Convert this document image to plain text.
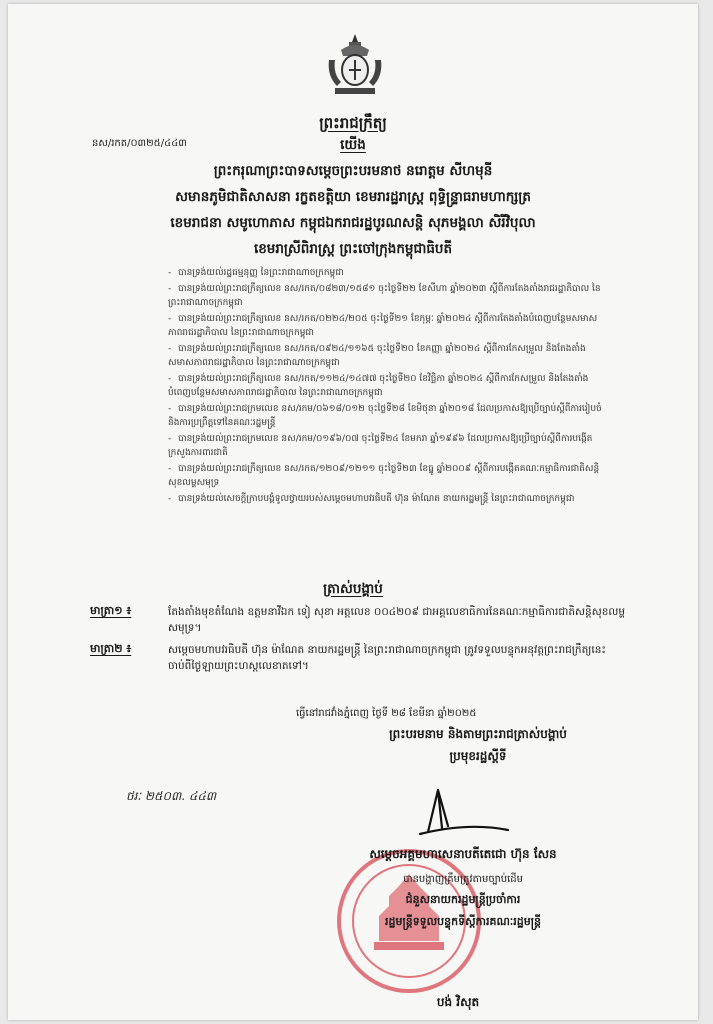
ព្រះរាជក្រឹត្យ
នស/រកត/០៣២៥/៤៤៣	យើង
ព្រះករុណាព្រះបាទសម្តេចព្រះបរមនាថ នរោត្តម សីហមុនី
សមានភូមិជាតិសាសនា រក្ខតខត្តិយា ខេមរារដ្ឋរាស្ត្រ ពុទ្ធិន្ទ្រាធរាមហាក្សត្រ
ខេមរាជនា សមូហោភាស កម្ពុជឯករាជរដ្ឋបូរណសន្តិ សុភមង្គលា សិរីវិបុលា
ខេមរាស្រីពិរាស្ត្រ ព្រះចៅក្រុងកម្ពុជាធិបតី
- បានទ្រង់យល់រដ្ឋធម្មនុញ្ញ នៃព្រះរាជាណាចក្រកម្ពុជា
- បានទ្រង់យល់ព្រះរាជក្រឹត្យលេខ នស/រកត/០៨២៣/១៥៨១ ចុះថ្ងៃទី២២ ខែសីហា ឆ្នាំ២០២៣ ស្តីពីការតែងតាំងរាជរដ្ឋាភិបាល នៃព្រះរាជាណាចក្រកម្ពុជា
- បានទ្រង់យល់ព្រះរាជក្រឹត្យលេខ នស/រកត/០២២៤/២០៥ ចុះថ្ងៃទី២១ ខែកុម្ភៈ ឆ្នាំ២០២៤ ស្តីពីការតែងតាំងបំពេញបន្ថែមសមាសភាពរាជរដ្ឋាភិបាល នៃព្រះរាជាណាចក្រកម្ពុជា
- បានទ្រង់យល់ព្រះរាជក្រឹត្យលេខ នស/រកត/០៩២៤/១១៦៥ ចុះថ្ងៃទី២០ ខែកញ្ញា ឆ្នាំ២០២៤ ស្តីពីការកែសម្រួល និងតែងតាំងសមាសភាពរាជរដ្ឋាភិបាល នៃព្រះរាជាណាចក្រកម្ពុជា
- បានទ្រង់យល់ព្រះរាជក្រឹត្យលេខ នស/រកត/១១២៤/១៤៧៧ ចុះថ្ងៃទី២០ ខែវិច្ឆិកា ឆ្នាំ២០២៤ ស្តីពីការកែសម្រួល និងតែងតាំងបំពេញបន្ថែមសមាសភាពរាជរដ្ឋាភិបាល នៃព្រះរាជាណាចក្រកម្ពុជា
- បានទ្រង់យល់ព្រះរាជក្រមលេខ នស/រកម/០៦១៨/០១២ ចុះថ្ងៃទី២៨ ខែមិថុនា ឆ្នាំ២០១៨ ដែលប្រកាសឱ្យប្រើច្បាប់ស្តីពីការរៀបចំ និងការប្រព្រឹត្តទៅនៃគណៈរដ្ឋមន្ត្រី
- បានទ្រង់យល់ព្រះរាជក្រមលេខ នស/រកម/០១៩៦/០៧ ចុះថ្ងៃទី២៤ ខែមករា ឆ្នាំ១៩៩៦ ដែលប្រកាសឱ្យប្រើច្បាប់ស្តីពីការបង្កើតក្រសួងការពារជាតិ
- បានទ្រង់យល់ព្រះរាជក្រឹត្យលេខ នស/រកត/១២០៩/១២១១ ចុះថ្ងៃទី២៣ ខែធ្នូ ឆ្នាំ២០០៩ ស្តីពីការបង្កើតគណៈកម្មាធិការជាតិសន្តិសុខលម្ហសមុទ្រ
- បានទ្រង់យល់សេចក្តីក្រាបបង្គំទូលថ្វាយរបស់សម្តេចមហាបវរធិបតី ហ៊ុន ម៉ាណែត នាយករដ្ឋមន្ត្រី នៃព្រះរាជាណាចក្រកម្ពុជា
ត្រាស់បង្គាប់
មាត្រា១ ៖	តែងតាំងមុខតំណែង ឧត្តមនាវីឯក ទៀ សុខា អត្តលេខ ០០៤២០៩ ជាអគ្គលេខាធិការនៃគណៈកម្មាធិការជាតិសន្តិសុខលម្ហសមុទ្រ។
មាត្រា២ ៖	សម្តេចមហាបវរធិបតី ហ៊ុន ម៉ាណែត នាយករដ្ឋមន្ត្រី នៃព្រះរាជាណាចក្រកម្ពុជា ត្រូវទទួលបន្ទុកអនុវត្តព្រះរាជក្រឹត្យនេះ ចាប់ពីថ្ងៃឡាយព្រះហស្តលេខាតទៅ។
ធ្វើនៅរាជវាំងភ្នំពេញ ថ្ងៃទី ២៨ ខែមីនា ឆ្នាំ២០២៥
ព្រះបរមនាម និងតាមព្រះរាជត្រាស់បង្គាប់
ប្រមុខរដ្ឋស្តីទី
ថរៈ ២៥០៣. ៤៤៣
សម្តេចអគ្គមហាសេនាបតីតេជោ ហ៊ុន សែន
បានបង្ហាញគ្រឹមត្រូវតាមច្បាប់ដើម
ជំនួសនាយករដ្ឋមន្ត្រីប្រចាំការ
រដ្ឋមន្ត្រីទទួលបន្ទុកទីស្តីការគណៈរដ្ឋមន្ត្រី
បង់ វិសុត
